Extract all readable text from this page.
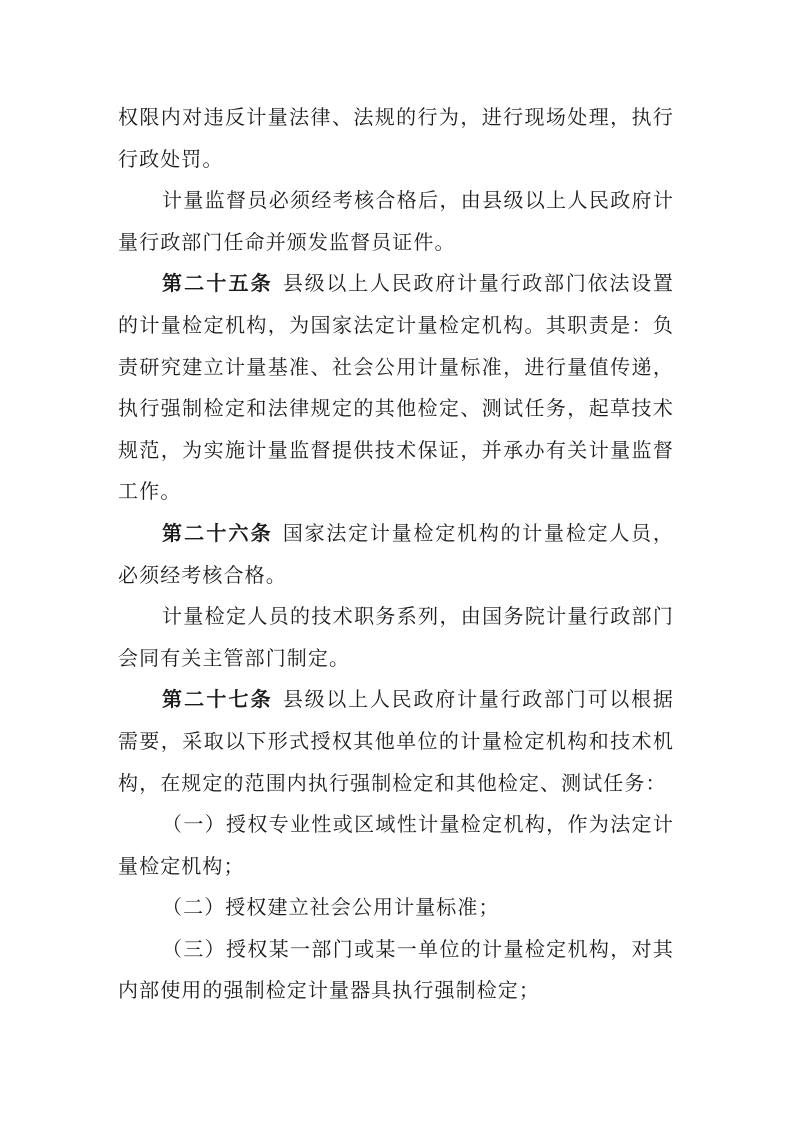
权限内对违反计量法律、法规的行为，进行现场处理，执行行政处罚。

计量监督员必须经考核合格后，由县级以上人民政府计量行政部门任命并颁发监督员证件。

第二十五条 县级以上人民政府计量行政部门依法设置的计量检定机构，为国家法定计量检定机构。其职责是：负责研究建立计量基准、社会公用计量标准，进行量值传递，执行强制检定和法律规定的其他检定、测试任务，起草技术规范，为实施计量监督提供技术保证，并承办有关计量监督工作。

第二十六条 国家法定计量检定机构的计量检定人员，必须经考核合格。

计量检定人员的技术职务系列，由国务院计量行政部门会同有关主管部门制定。

第二十七条 县级以上人民政府计量行政部门可以根据需要，采取以下形式授权其他单位的计量检定机构和技术机构，在规定的范围内执行强制检定和其他检定、测试任务：

（一）授权专业性或区域性计量检定机构，作为法定计量检定机构；

（二）授权建立社会公用计量标准；

（三）授权某一部门或某一单位的计量检定机构，对其内部使用的强制检定计量器具执行强制检定；
